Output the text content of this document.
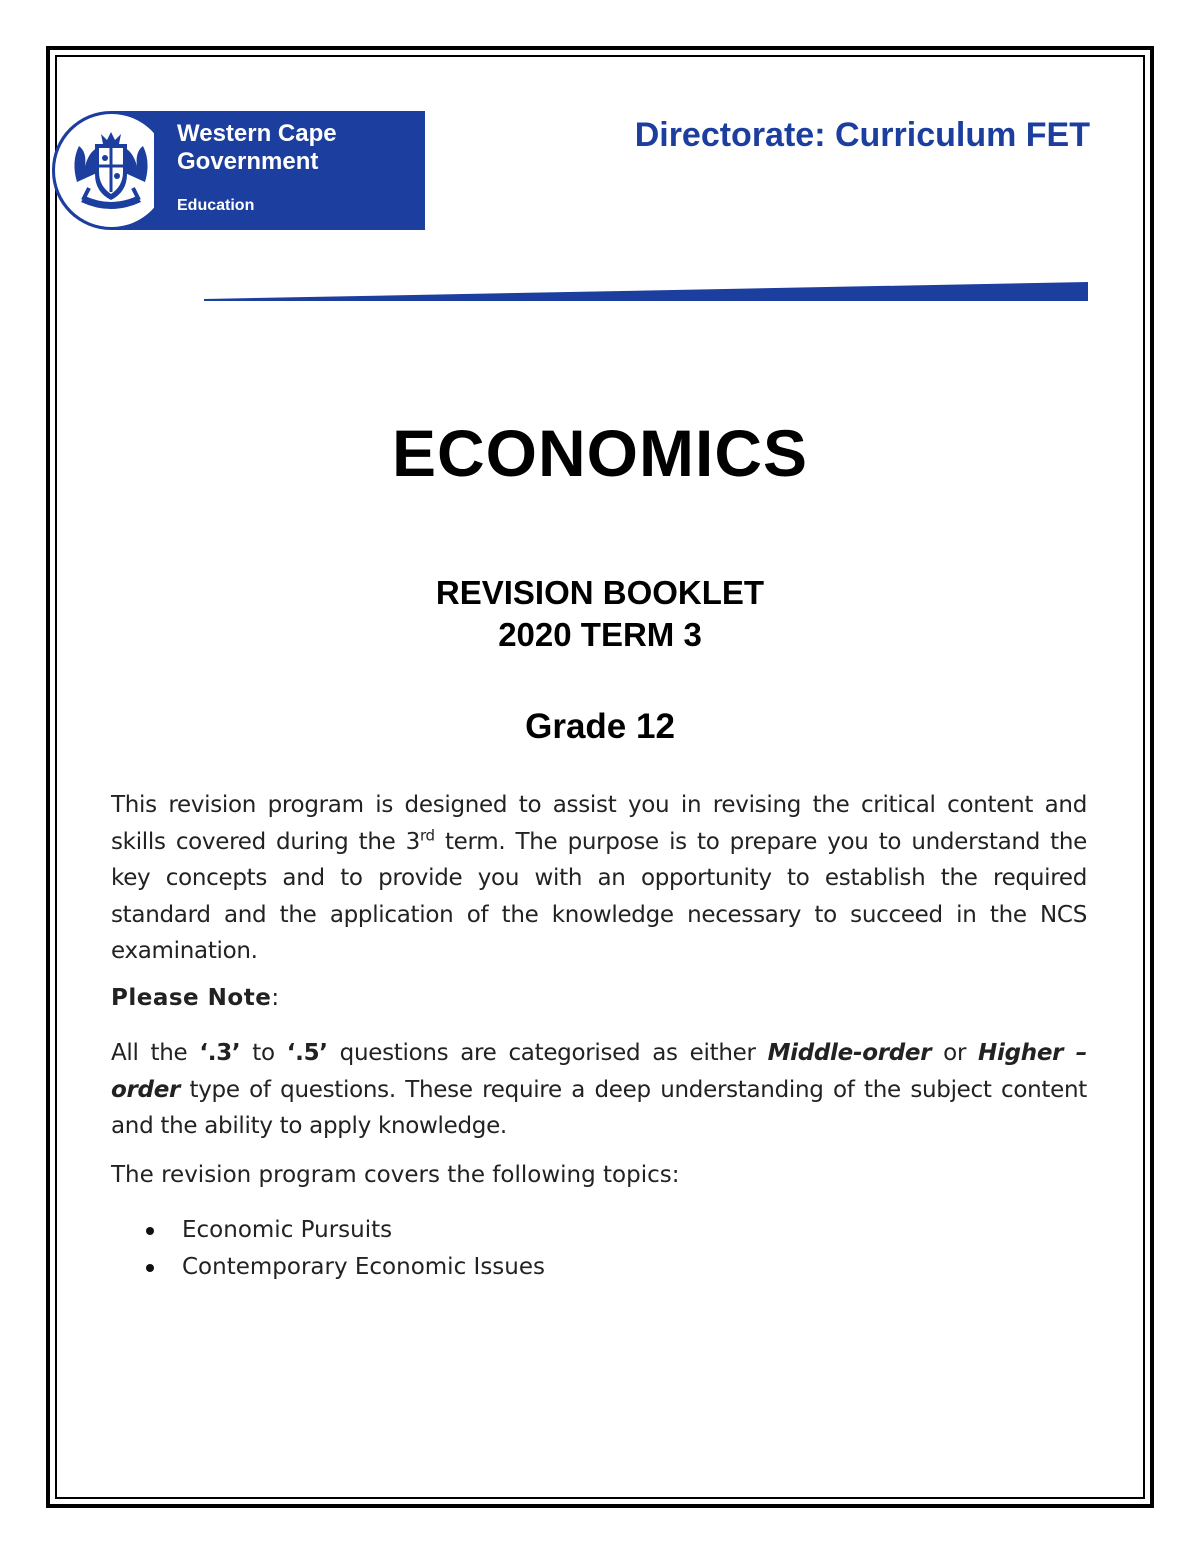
Western Cape
Government
Education
Directorate: Curriculum FET
ECONOMICS
REVISION BOOKLET
2020 TERM 3
Grade 12
This revision program is designed to assist you in revising the critical content and skills covered during the 3rd term. The purpose is to prepare you to understand the key concepts and to provide you with an opportunity to establish the required standard and the application of the knowledge necessary to succeed in the NCS examination.
Please Note:
All the ‘.3’ to ‘.5’ questions are categorised as either Middle-order or Higher – order type of questions. These require a deep understanding of the subject content and the ability to apply knowledge.
The revision program covers the following topics:
Economic Pursuits
Contemporary Economic Issues
